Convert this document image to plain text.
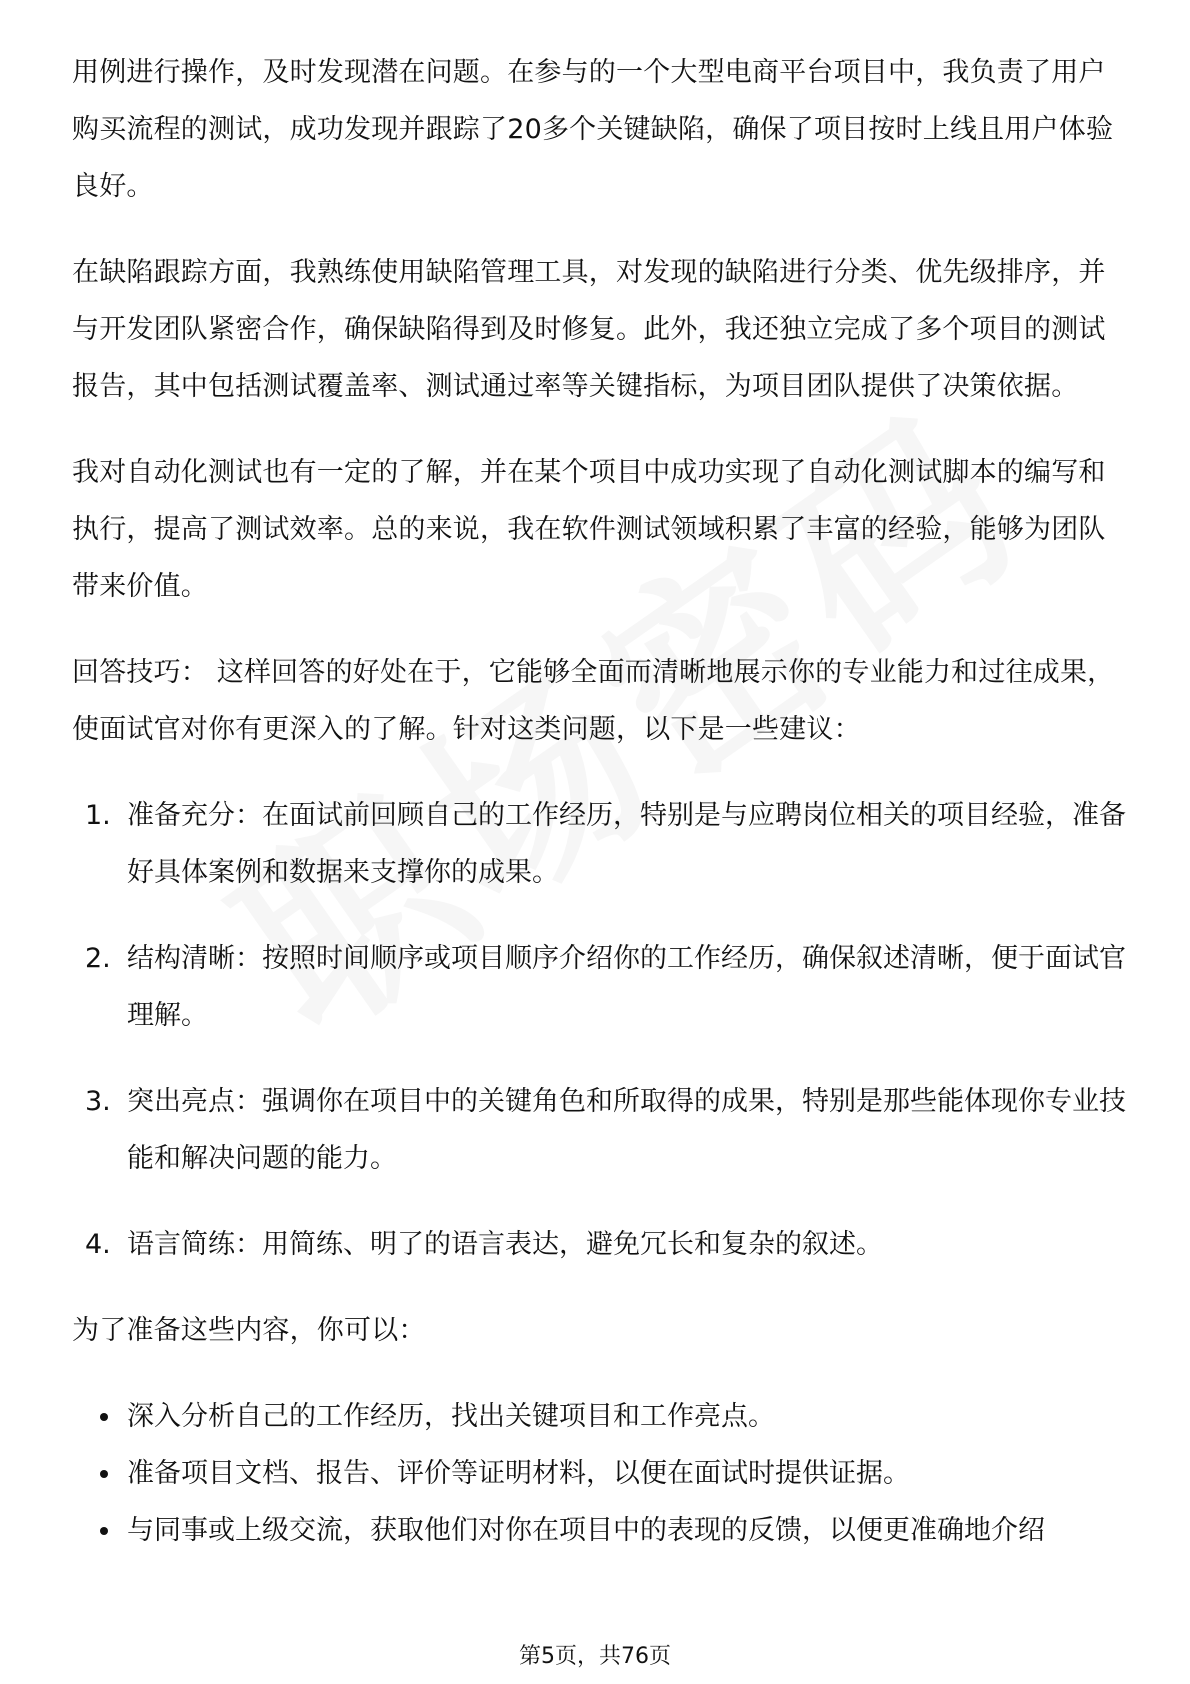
用例进行操作，及时发现潜在问题。在参与的一个大型电商平台项目中，我负责了用户购买流程的测试，成功发现并跟踪了20多个关键缺陷，确保了项目按时上线且用户体验良好。

在缺陷跟踪方面，我熟练使用缺陷管理工具，对发现的缺陷进行分类、优先级排序，并与开发团队紧密合作，确保缺陷得到及时修复。此外，我还独立完成了多个项目的测试报告，其中包括测试覆盖率、测试通过率等关键指标，为项目团队提供了决策依据。

我对自动化测试也有一定的了解，并在某个项目中成功实现了自动化测试脚本的编写和执行，提高了测试效率。总的来说，我在软件测试领域积累了丰富的经验，能够为团队带来价值。

回答技巧： 这样回答的好处在于，它能够全面而清晰地展示你的专业能力和过往成果，使面试官对你有更深入的了解。针对这类问题，以下是一些建议：

1. 准备充分：在面试前回顾自己的工作经历，特别是与应聘岗位相关的项目经验，准备好具体案例和数据来支撑你的成果。
2. 结构清晰：按照时间顺序或项目顺序介绍你的工作经历，确保叙述清晰，便于面试官理解。
3. 突出亮点：强调你在项目中的关键角色和所取得的成果，特别是那些能体现你专业技能和解决问题的能力。
4. 语言简练：用简练、明了的语言表达，避免冗长和复杂的叙述。

为了准备这些内容，你可以：

深入分析自己的工作经历，找出关键项目和工作亮点。
准备项目文档、报告、评价等证明材料，以便在面试时提供证据。
与同事或上级交流，获取他们对你在项目中的表现的反馈，以便更准确地介绍
第5页，共76页
